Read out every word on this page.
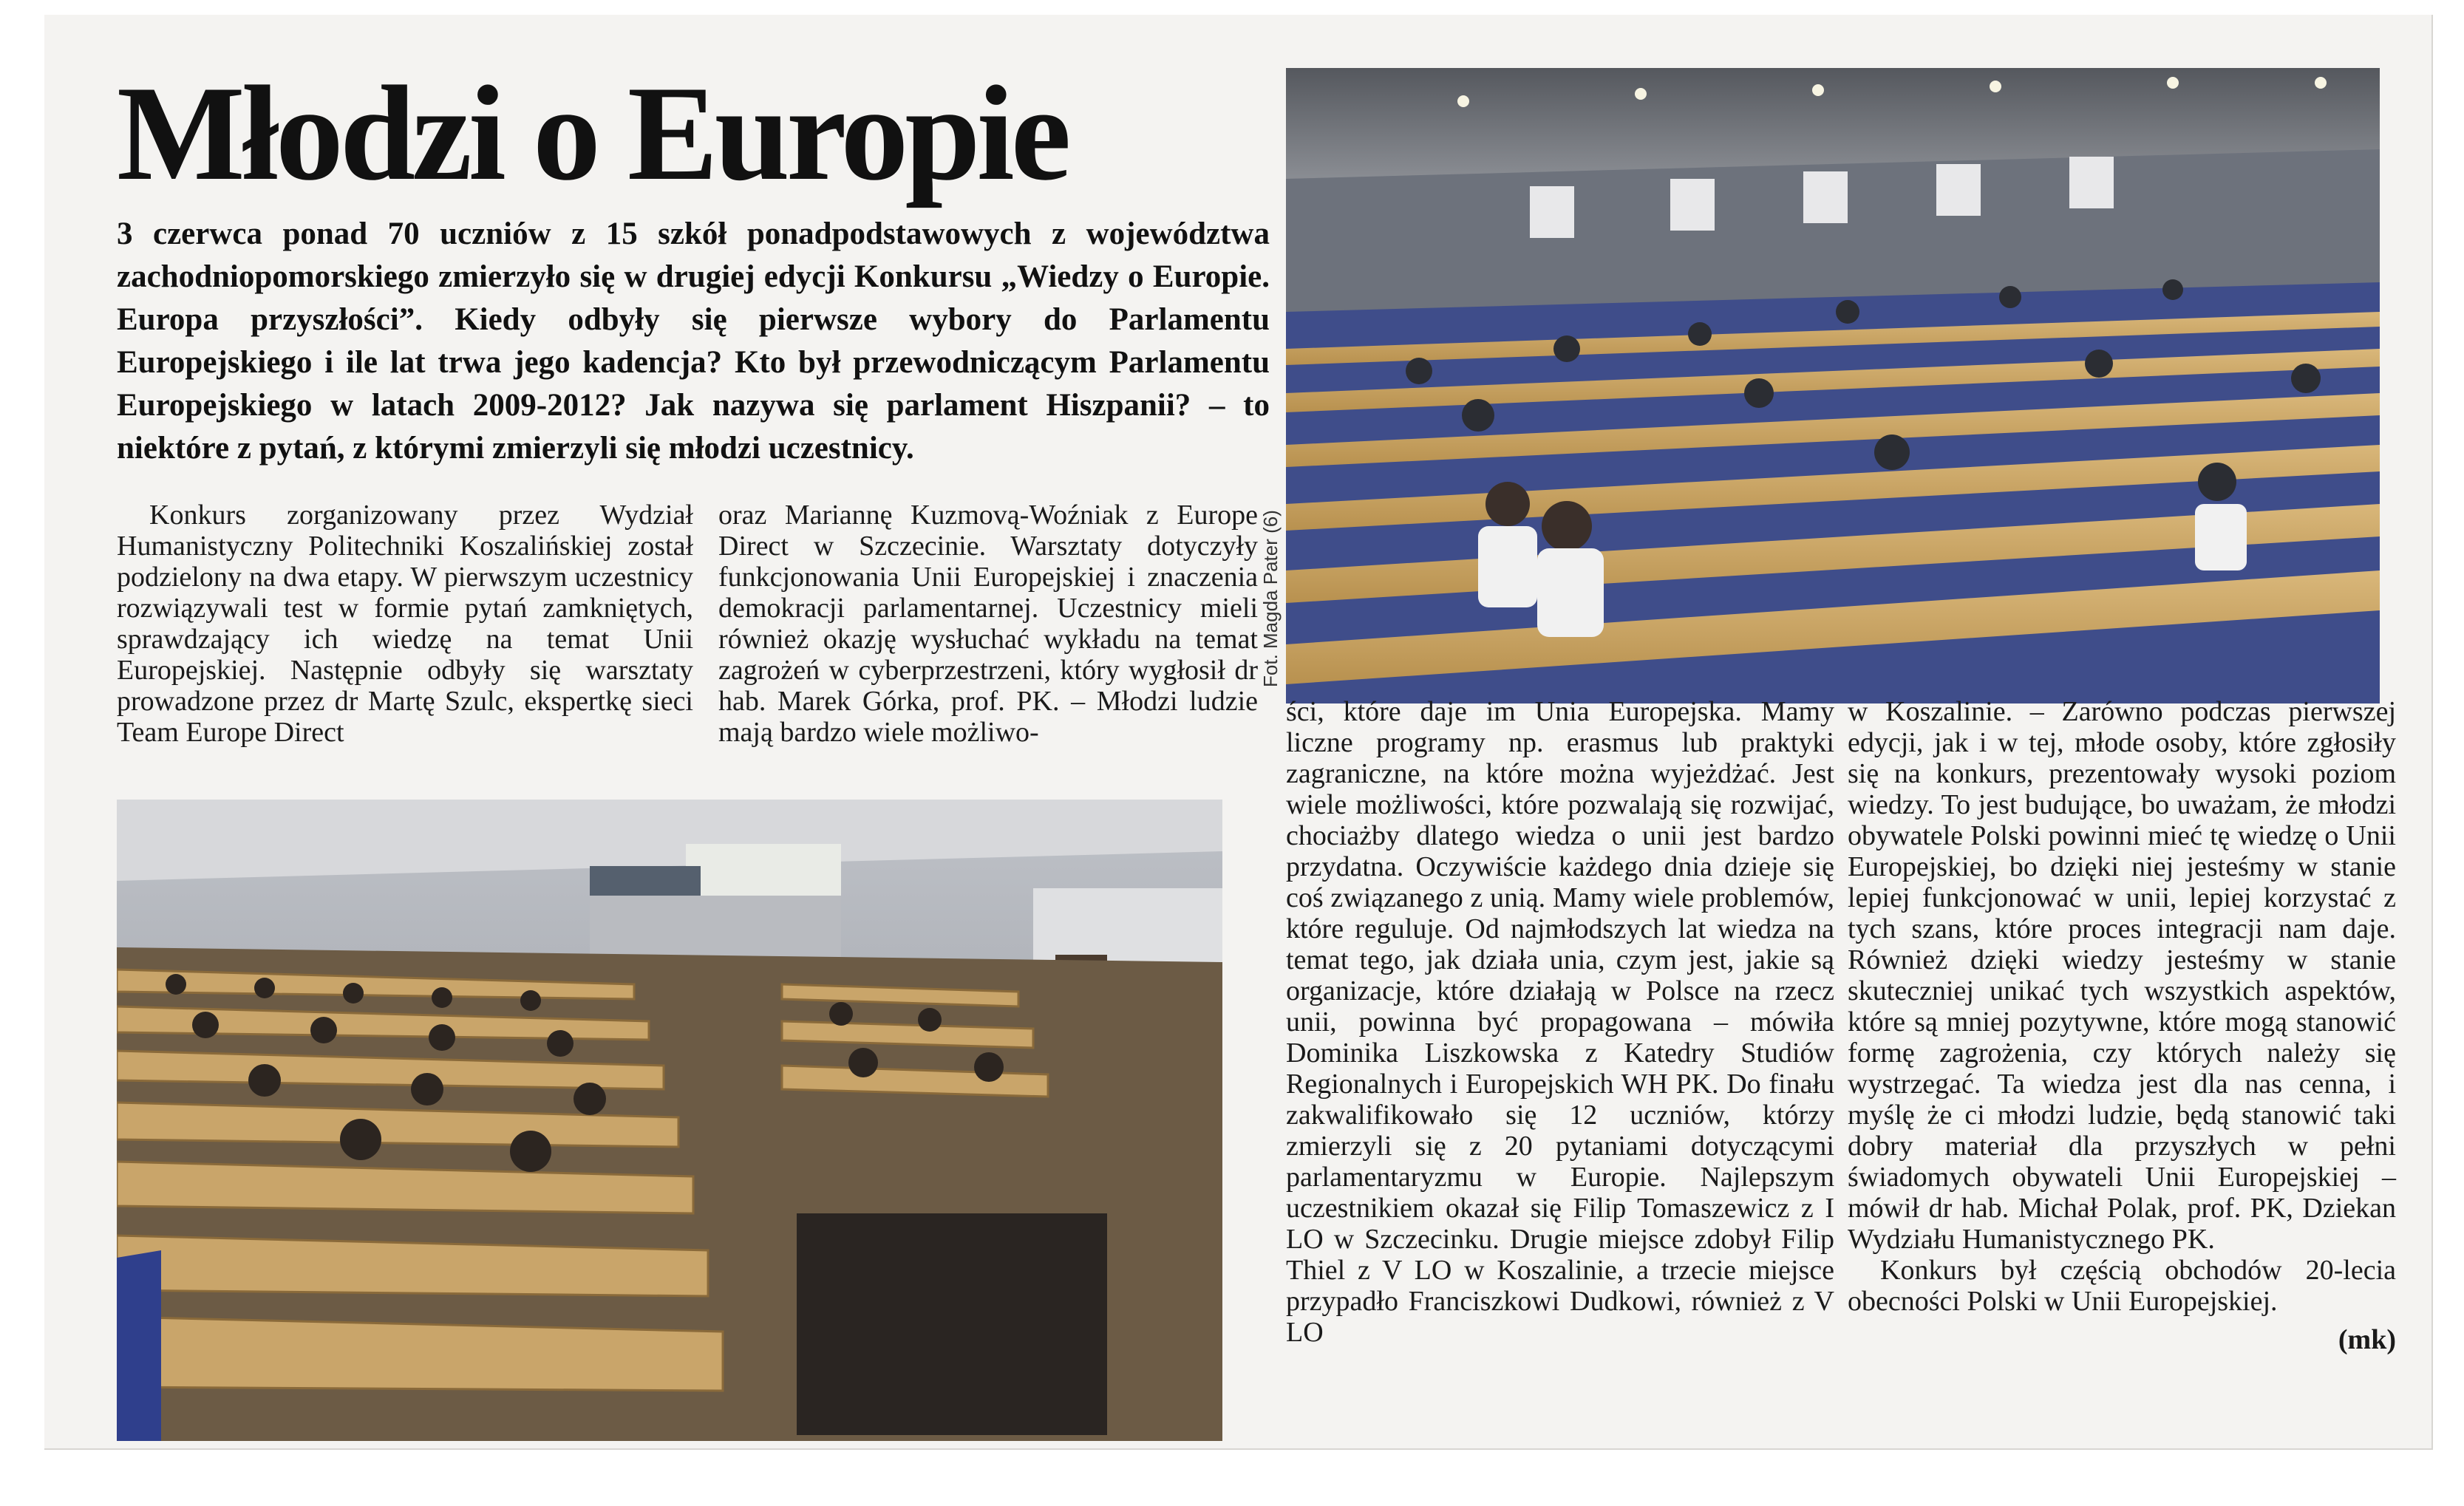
Młodzi o Europie

3 czerwca ponad 70 uczniów z 15 szkół ponadpodstawowych z województwa zachodniopomorskiego zmierzyło się w drugiej edycji Konkursu „Wiedzy o Europie. Europa przyszłości”. Kiedy odbyły się pierwsze wybory do Parlamentu Europejskiego i ile lat trwa jego kadencja? Kto był przewodniczącym Parlamentu Europejskiego w latach 2009-2012? Jak nazywa się parlament Hiszpanii? – to niektóre z pytań, z którymi zmierzyli się młodzi uczestnicy.

Konkurs zorganizowany przez Wydział Humanistyczny Politechniki Koszalińskiej został podzielony na dwa etapy. W pierwszym uczestnicy rozwiązywali test w formie pytań zamkniętych, sprawdzający ich wiedzę na temat Unii Europejskiej. Następnie odbyły się warsztaty prowadzone przez dr Martę Szulc, ekspertkę sieci Team Europe Direct

oraz Mariannę Kuzmovą-Woźniak z Europe Direct w Szczecinie. Warsztaty dotyczyły funkcjonowania Unii Europejskiej i znaczenia demokracji parlamentarnej. Uczestnicy mieli również okazję wysłuchać wykładu na temat zagrożeń w cyberprzestrzeni, który wygłosił dr hab. Marek Górka, prof. PK. – Młodzi ludzie mają bardzo wiele możliwo-

Fot. Magda Pater (6)

ści, które daje im Unia Europejska. Mamy liczne programy np. erasmus lub praktyki zagraniczne, na które można wyjeżdżać. Jest wiele możliwości, które pozwalają się rozwijać, chociażby dlatego wiedza o unii jest bardzo przydatna. Oczywiście każdego dnia dzieje się coś związanego z unią. Mamy wiele problemów, które reguluje. Od najmłodszych lat wiedza na temat tego, jak działa unia, czym jest, jakie są organizacje, które działają w Polsce na rzecz unii, powinna być propagowana – mówiła Dominika Liszkowska z Katedry Studiów Regionalnych i Europejskich WH PK. Do finału zakwalifikowało się 12 uczniów, którzy zmierzyli się z 20 pytaniami dotyczącymi parlamentaryzmu w Europie. Najlepszym uczestnikiem okazał się Filip Tomaszewicz z I LO w Szczecinku. Drugie miejsce zdobył Filip Thiel z V LO w Koszalinie, a trzecie miejsce przypadło Franciszkowi Dudkowi, również z V LO

w Koszalinie. – Zarówno podczas pierwszej edycji, jak i w tej, młode osoby, które zgłosiły się na konkurs, prezentowały wysoki poziom wiedzy. To jest budujące, bo uważam, że młodzi obywatele Polski powinni mieć tę wiedzę o Unii Europejskiej, bo dzięki niej jesteśmy w stanie lepiej funkcjonować w unii, lepiej korzystać z tych szans, które proces integracji nam daje. Również dzięki wiedzy jesteśmy w stanie skuteczniej unikać tych wszystkich aspektów, które są mniej pozytywne, które mogą stanowić formę zagrożenia, czy których należy się wystrzegać. Ta wiedza jest dla nas cenna, i myślę że ci młodzi ludzie, będą stanowić taki dobry materiał dla przyszłych w pełni świadomych obywateli Unii Europejskiej – mówił dr hab. Michał Polak, prof. PK, Dziekan Wydziału Humanistycznego PK.

Konkurs był częścią obchodów 20-lecia obecności Polski w Unii Europejskiej.

(mk)
